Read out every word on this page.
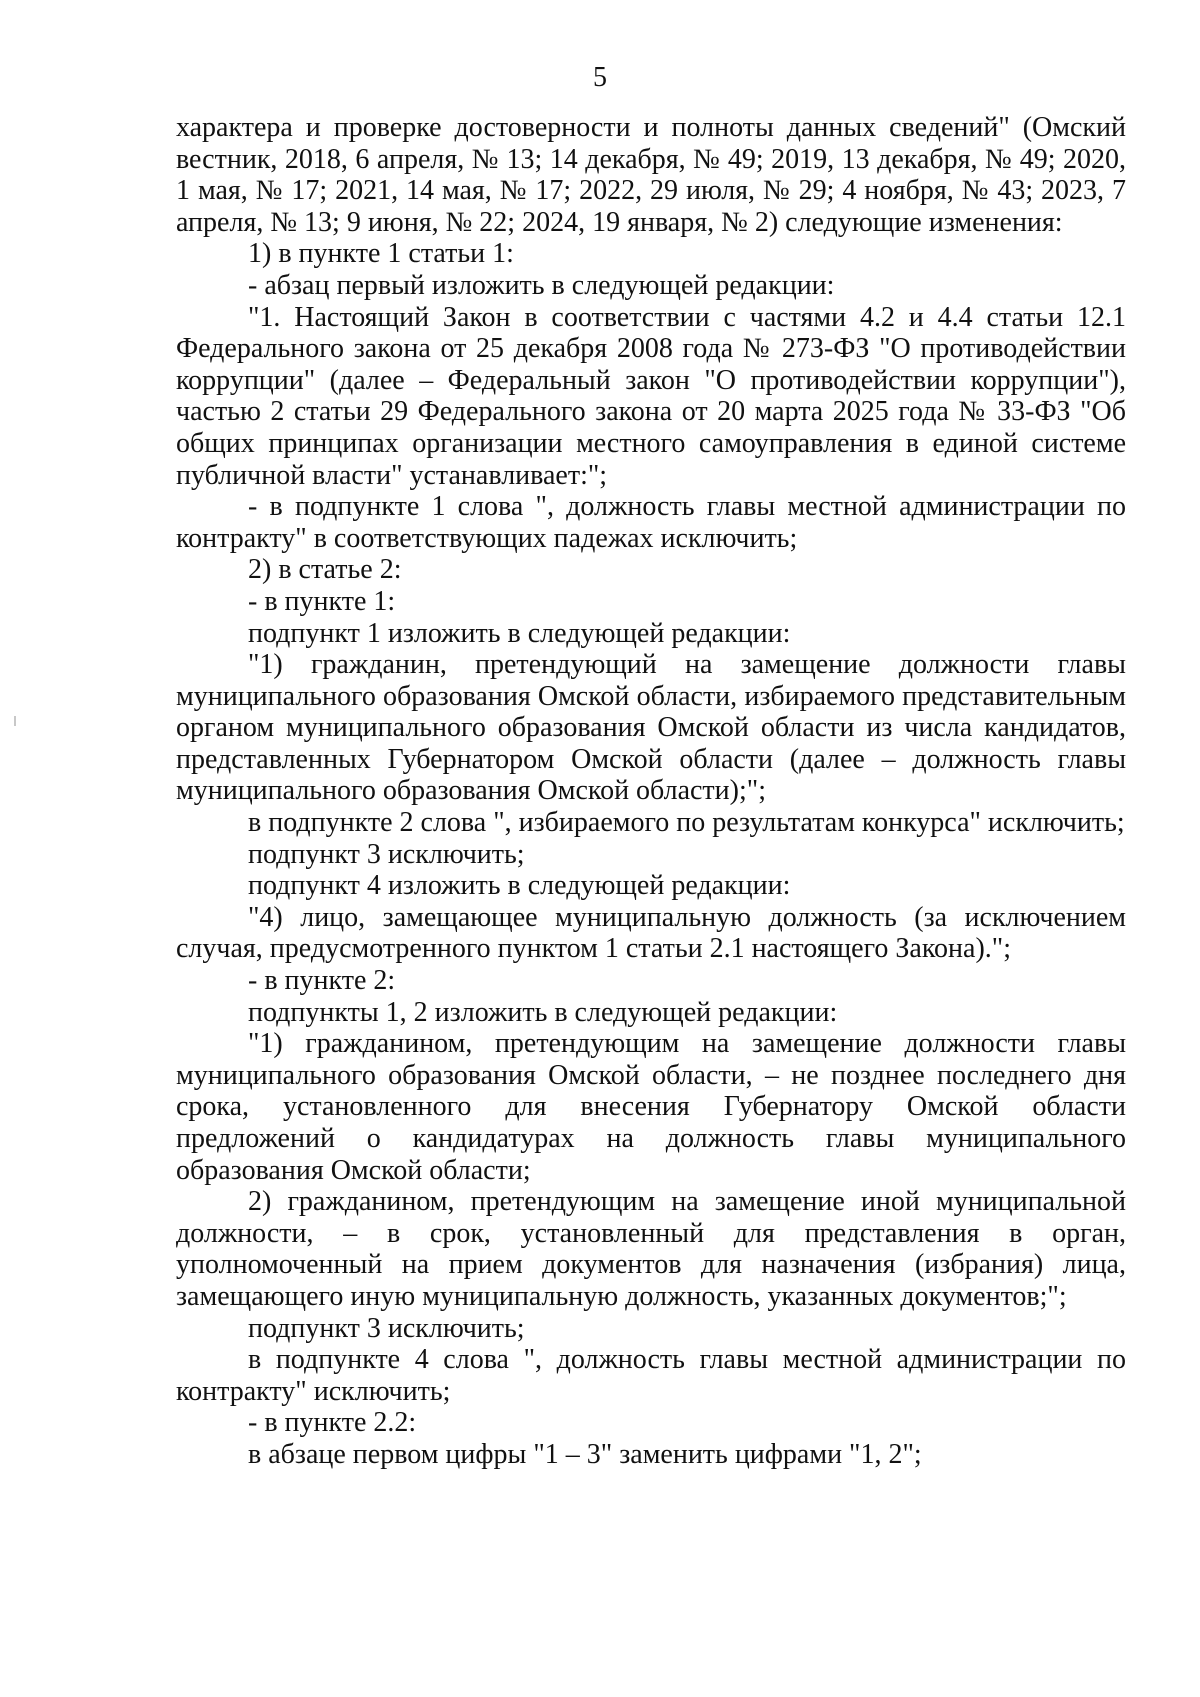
5

характера и проверке достоверности и полноты данных сведений" (Омский вестник, 2018, 6 апреля, № 13; 14 декабря, № 49; 2019, 13 декабря, № 49; 2020, 1 мая, № 17; 2021, 14 мая, № 17; 2022, 29 июля, № 29; 4 ноября, № 43; 2023, 7 апреля, № 13; 9 июня, № 22; 2024, 19 января, № 2) следующие изменения:

1) в пункте 1 статьи 1:

- абзац первый изложить в следующей редакции:

"1. Настоящий Закон в соответствии с частями 4.2 и 4.4 статьи 12.1 Федерального закона от 25 декабря 2008 года № 273-ФЗ "О противодействии коррупции" (далее – Федеральный закон "О противодействии коррупции"), частью 2 статьи 29 Федерального закона от 20 марта 2025 года № 33-ФЗ "Об общих принципах организации местного самоуправления в единой системе публичной власти" устанавливает:";

- в подпункте 1 слова ", должность главы местной администрации по контракту" в соответствующих падежах исключить;

2) в статье 2:

- в пункте 1:

подпункт 1 изложить в следующей редакции:

"1) гражданин, претендующий на замещение должности главы муниципального образования Омской области, избираемого представительным органом муниципального образования Омской области из числа кандидатов, представленных Губернатором Омской области (далее – должность главы муниципального образования Омской области);";

в подпункте 2 слова ", избираемого по результатам конкурса" исключить;

подпункт 3 исключить;

подпункт 4 изложить в следующей редакции:

"4) лицо, замещающее муниципальную должность (за исключением случая, предусмотренного пунктом 1 статьи 2.1 настоящего Закона).";

- в пункте 2:

подпункты 1, 2 изложить в следующей редакции:

"1) гражданином, претендующим на замещение должности главы муниципального образования Омской области, – не позднее последнего дня срока, установленного для внесения Губернатору Омской области предложений о кандидатурах на должность главы муниципального образования Омской области;

2) гражданином, претендующим на замещение иной муниципальной должности, – в срок, установленный для представления в орган, уполномоченный на прием документов для назначения (избрания) лица, замещающего иную муниципальную должность, указанных документов;";

подпункт 3 исключить;

в подпункте 4 слова ", должность главы местной администрации по контракту" исключить;

- в пункте 2.2:

в абзаце первом цифры "1 – 3" заменить цифрами "1, 2";
